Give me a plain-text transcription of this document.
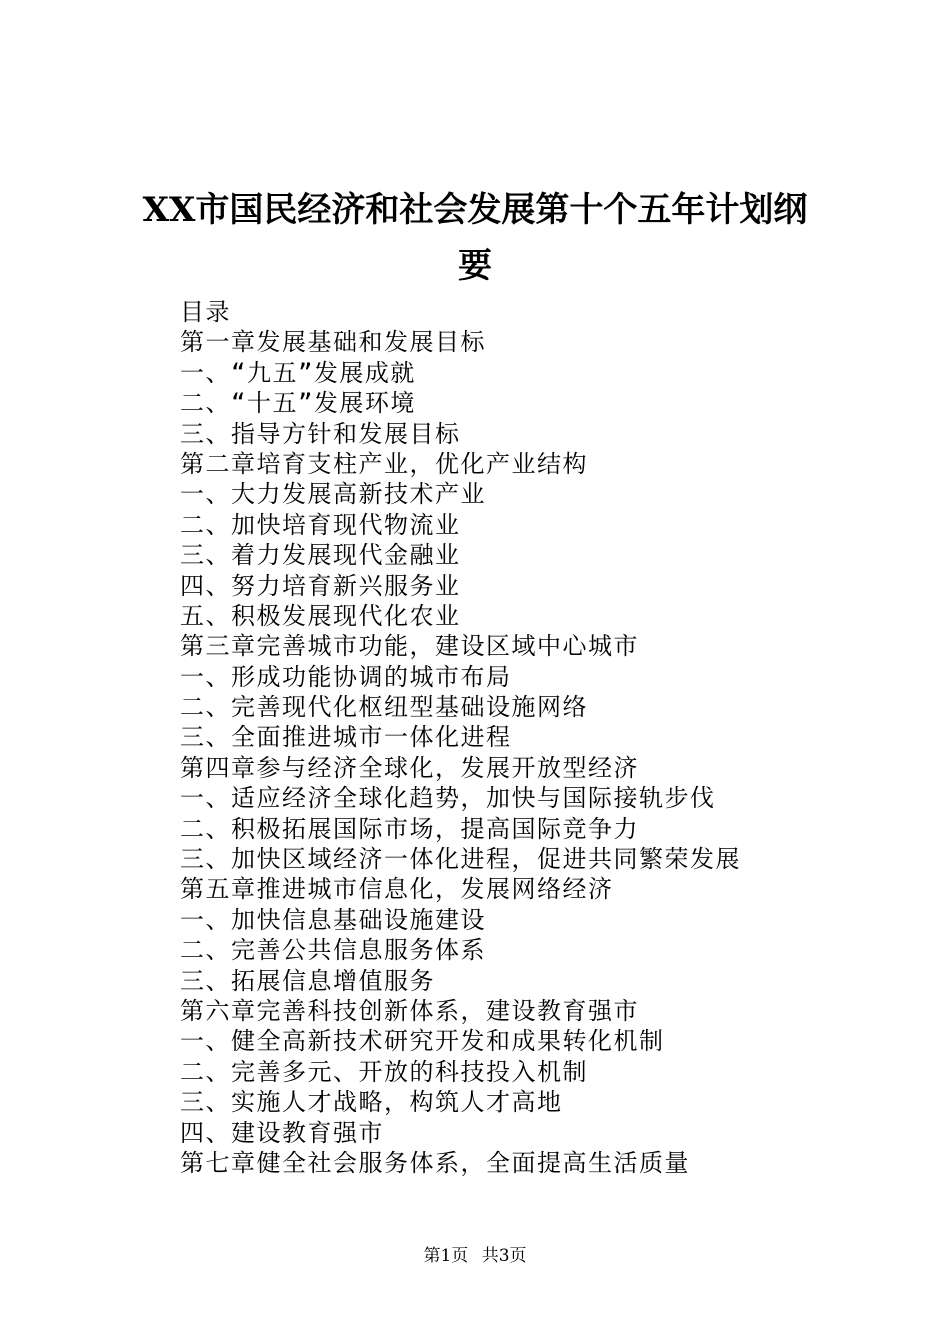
XX市国民经济和社会发展第十个五年计划纲
要
目录
第一章发展基础和发展目标
一、“九五”发展成就
二、“十五”发展环境
三、指导方针和发展目标
第二章培育支柱产业，优化产业结构
一、大力发展高新技术产业
二、加快培育现代物流业
三、着力发展现代金融业
四、努力培育新兴服务业
五、积极发展现代化农业
第三章完善城市功能，建设区域中心城市
一、形成功能协调的城市布局
二、完善现代化枢纽型基础设施网络
三、全面推进城市一体化进程
第四章参与经济全球化，发展开放型经济
一、适应经济全球化趋势，加快与国际接轨步伐
二、积极拓展国际市场，提高国际竞争力
三、加快区域经济一体化进程，促进共同繁荣发展
第五章推进城市信息化，发展网络经济
一、加快信息基础设施建设
二、完善公共信息服务体系
三、拓展信息增值服务
第六章完善科技创新体系，建设教育强市
一、健全高新技术研究开发和成果转化机制
二、完善多元、开放的科技投入机制
三、实施人才战略，构筑人才高地
四、建设教育强市
第七章健全社会服务体系，全面提高生活质量
第1页 共3页
